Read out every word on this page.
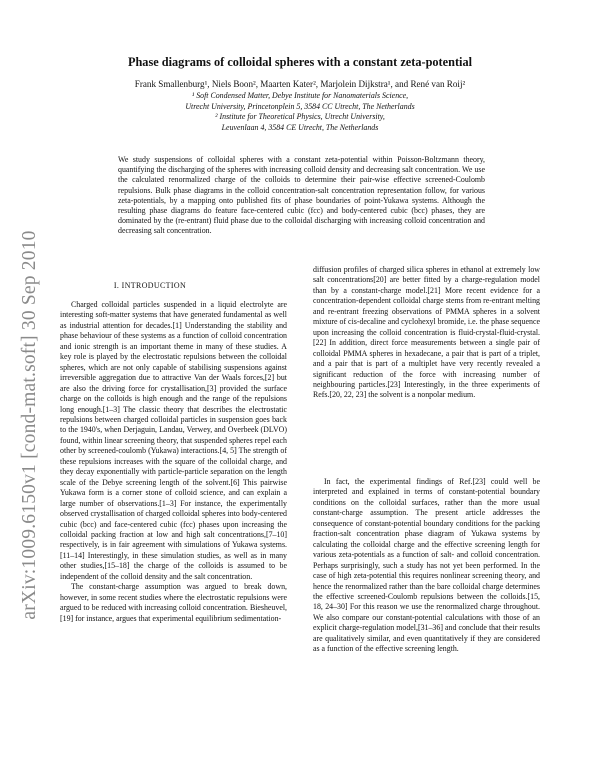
arXiv:1009.6150v1 [cond-mat.soft] 30 Sep 2010
Phase diagrams of colloidal spheres with a constant zeta-potential
Frank Smallenburg¹, Niels Boon², Maarten Kater², Marjolein Dijkstra¹, and René van Roij²
¹ Soft Condensed Matter, Debye Institute for Nanomaterials Science,
Utrecht University, Princetonplein 5, 3584 CC Utrecht, The Netherlands
² Institute for Theoretical Physics, Utrecht University,
Leuvenlaan 4, 3584 CE Utrecht, The Netherlands
We study suspensions of colloidal spheres with a constant zeta-potential within Poisson-Boltzmann theory, quantifying the discharging of the spheres with increasing colloid density and decreasing salt concentration. We use the calculated renormalized charge of the colloids to determine their pair-wise effective screened-Coulomb repulsions. Bulk phase diagrams in the colloid concentration-salt concentration representation follow, for various zeta-potentials, by a mapping onto published fits of phase boundaries of point-Yukawa systems. Although the resulting phase diagrams do feature face-centered cubic (fcc) and body-centered cubic (bcc) phases, they are dominated by the (re-entrant) fluid phase due to the colloidal discharging with increasing colloid concentration and decreasing salt concentration.
I. INTRODUCTION

Charged colloidal particles suspended in a liquid electrolyte are interesting soft-matter systems that have generated fundamental as well as industrial attention for decades.[1] Understanding the stability and phase behaviour of these systems as a function of colloid concentration and ionic strength is an important theme in many of these studies. A key role is played by the electrostatic repulsions between the colloidal spheres, which are not only capable of stabilising suspensions against irreversible aggregation due to attractive Van der Waals forces,[2] but are also the driving force for crystallisation,[3] provided the surface charge on the colloids is high enough and the range of the repulsions long enough.[1–3] The classic theory that describes the electrostatic repulsions between charged colloidal particles in suspension goes back to the 1940's, when Derjaguin, Landau, Verwey, and Overbeek (DLVO) found, within linear screening theory, that suspended spheres repel each other by screened-coulomb (Yukawa) interactions.[4, 5] The strength of these repulsions increases with the square of the colloidal charge, and they decay exponentially with particle-particle separation on the length scale of the Debye screening length of the solvent.[6] This pairwise Yukawa form is a corner stone of colloid science, and can explain a large number of observations.[1–3] For instance, the experimentally observed crystallisation of charged colloidal spheres into body-centered cubic (bcc) and face-centered cubic (fcc) phases upon increasing the colloidal packing fraction at low and high salt concentrations,[7–10] respectively, is in fair agreement with simulations of Yukawa systems.[11–14] Interestingly, in these simulation studies, as well as in many other studies,[15–18] the charge of the colloids is assumed to be independent of the colloid density and the salt concentration.

The constant-charge assumption was argued to break down, however, in some recent studies where the electrostatic repulsions were argued to be reduced with increasing colloid concentration. Biesheuvel,[19] for instance, argues that experimental equilibrium sedimentation-

diffusion profiles of charged silica spheres in ethanol at extremely low salt concentrations[20] are better fitted by a charge-regulation model than by a constant-charge model.[21] More recent evidence for a concentration-dependent colloidal charge stems from re-entrant melting and re-entrant freezing observations of PMMA spheres in a solvent mixture of cis-decaline and cyclohexyl bromide, i.e. the phase sequence upon increasing the colloid concentration is fluid-crystal-fluid-crystal.[22] In addition, direct force measurements between a single pair of colloidal PMMA spheres in hexadecane, a pair that is part of a triplet, and a pair that is part of a multiplet have very recently revealed a significant reduction of the force with increasing number of neighbouring particles.[23] Interestingly, in the three experiments of Refs.[20, 22, 23] the solvent is a nonpolar medium.

In fact, the experimental findings of Ref.[23] could well be interpreted and explained in terms of constant-potential boundary conditions on the colloidal surfaces, rather than the more usual constant-charge assumption. The present article addresses the consequence of constant-potential boundary conditions for the packing fraction-salt concentration phase diagram of Yukawa systems by calculating the colloidal charge and the effective screening length for various zeta-potentials as a function of salt- and colloid concentration. Perhaps surprisingly, such a study has not yet been performed. In the case of high zeta-potential this requires nonlinear screening theory, and hence the renormalized rather than the bare colloidal charge determines the effective screened-Coulomb repulsions between the colloids.[15, 18, 24–30] For this reason we use the renormalized charge throughout. We also compare our constant-potential calculations with those of an explicit charge-regulation model,[31–36] and conclude that their results are qualitatively similar, and even quantitatively if they are considered as a function of the effective screening length.
